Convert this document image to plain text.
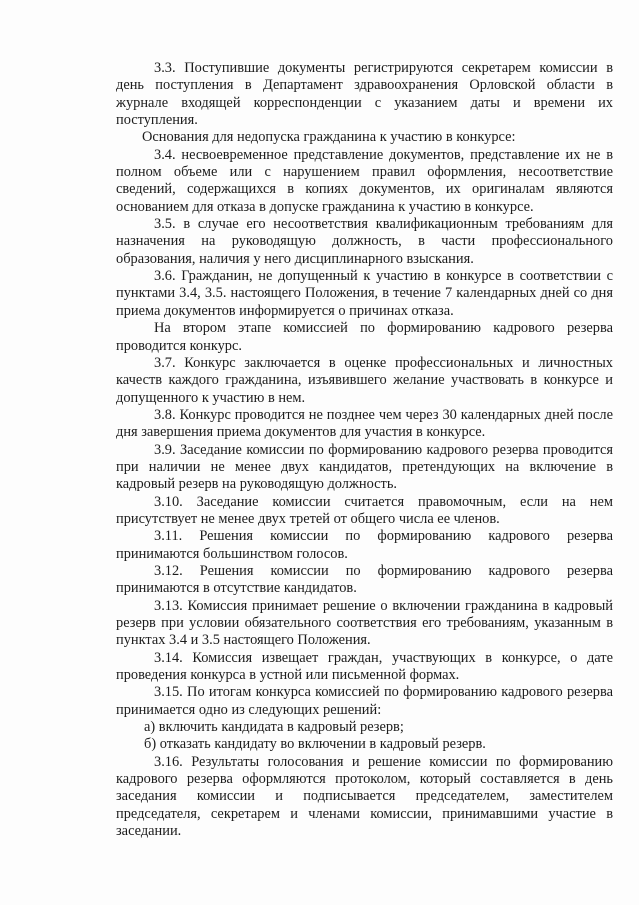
3.3. Поступившие документы регистрируются секретарем комиссии в день поступления в Департамент здравоохранения Орловской области в журнале входящей корреспонденции с указанием даты и времени их поступления.

Основания для недопуска гражданина к участию в конкурсе:

3.4. несвоевременное представление документов, представление их не в полном объеме или с нарушением правил оформления, несоответствие сведений, содержащихся в копиях документов, их оригиналам являются основанием для отказа в допуске гражданина к участию в конкурсе.

3.5. в случае его несоответствия квалификационным требованиям для назначения на руководящую должность, в части профессионального образования, наличия у него дисциплинарного взыскания.

3.6. Гражданин, не допущенный к участию в конкурсе в соответствии с пунктами 3.4, 3.5. настоящего Положения, в течение 7 календарных дней со дня приема документов информируется о причинах отказа.

На втором этапе комиссией по формированию кадрового резерва проводится конкурс.

3.7. Конкурс заключается в оценке профессиональных и личностных качеств каждого гражданина, изъявившего желание участвовать в конкурсе и допущенного к участию в нем.

3.8. Конкурс проводится не позднее чем через 30 календарных дней после дня завершения приема документов для участия в конкурсе.

3.9. Заседание комиссии по формированию кадрового резерва проводится при наличии не менее двух кандидатов, претендующих на включение в кадровый резерв на руководящую должность.

3.10. Заседание комиссии считается правомочным, если на нем присутствует не менее двух третей от общего числа ее членов.

3.11. Решения комиссии по формированию кадрового резерва принимаются большинством голосов.

3.12. Решения комиссии по формированию кадрового резерва принимаются в отсутствие кандидатов.

3.13. Комиссия принимает решение о включении гражданина в кадровый резерв при условии обязательного соответствия его требованиям, указанным в пунктах 3.4 и 3.5 настоящего Положения.

3.14. Комиссия извещает граждан, участвующих в конкурсе, о дате проведения конкурса в устной или письменной формах.

3.15. По итогам конкурса комиссией по формированию кадрового резерва принимается одно из следующих решений:

а) включить кандидата в кадровый резерв;

б) отказать кандидату во включении в кадровый резерв.

3.16. Результаты голосования и решение комиссии по формированию кадрового резерва оформляются протоколом, который составляется в день заседания комиссии и подписывается председателем, заместителем председателя, секретарем и членами комиссии, принимавшими участие в заседании.
